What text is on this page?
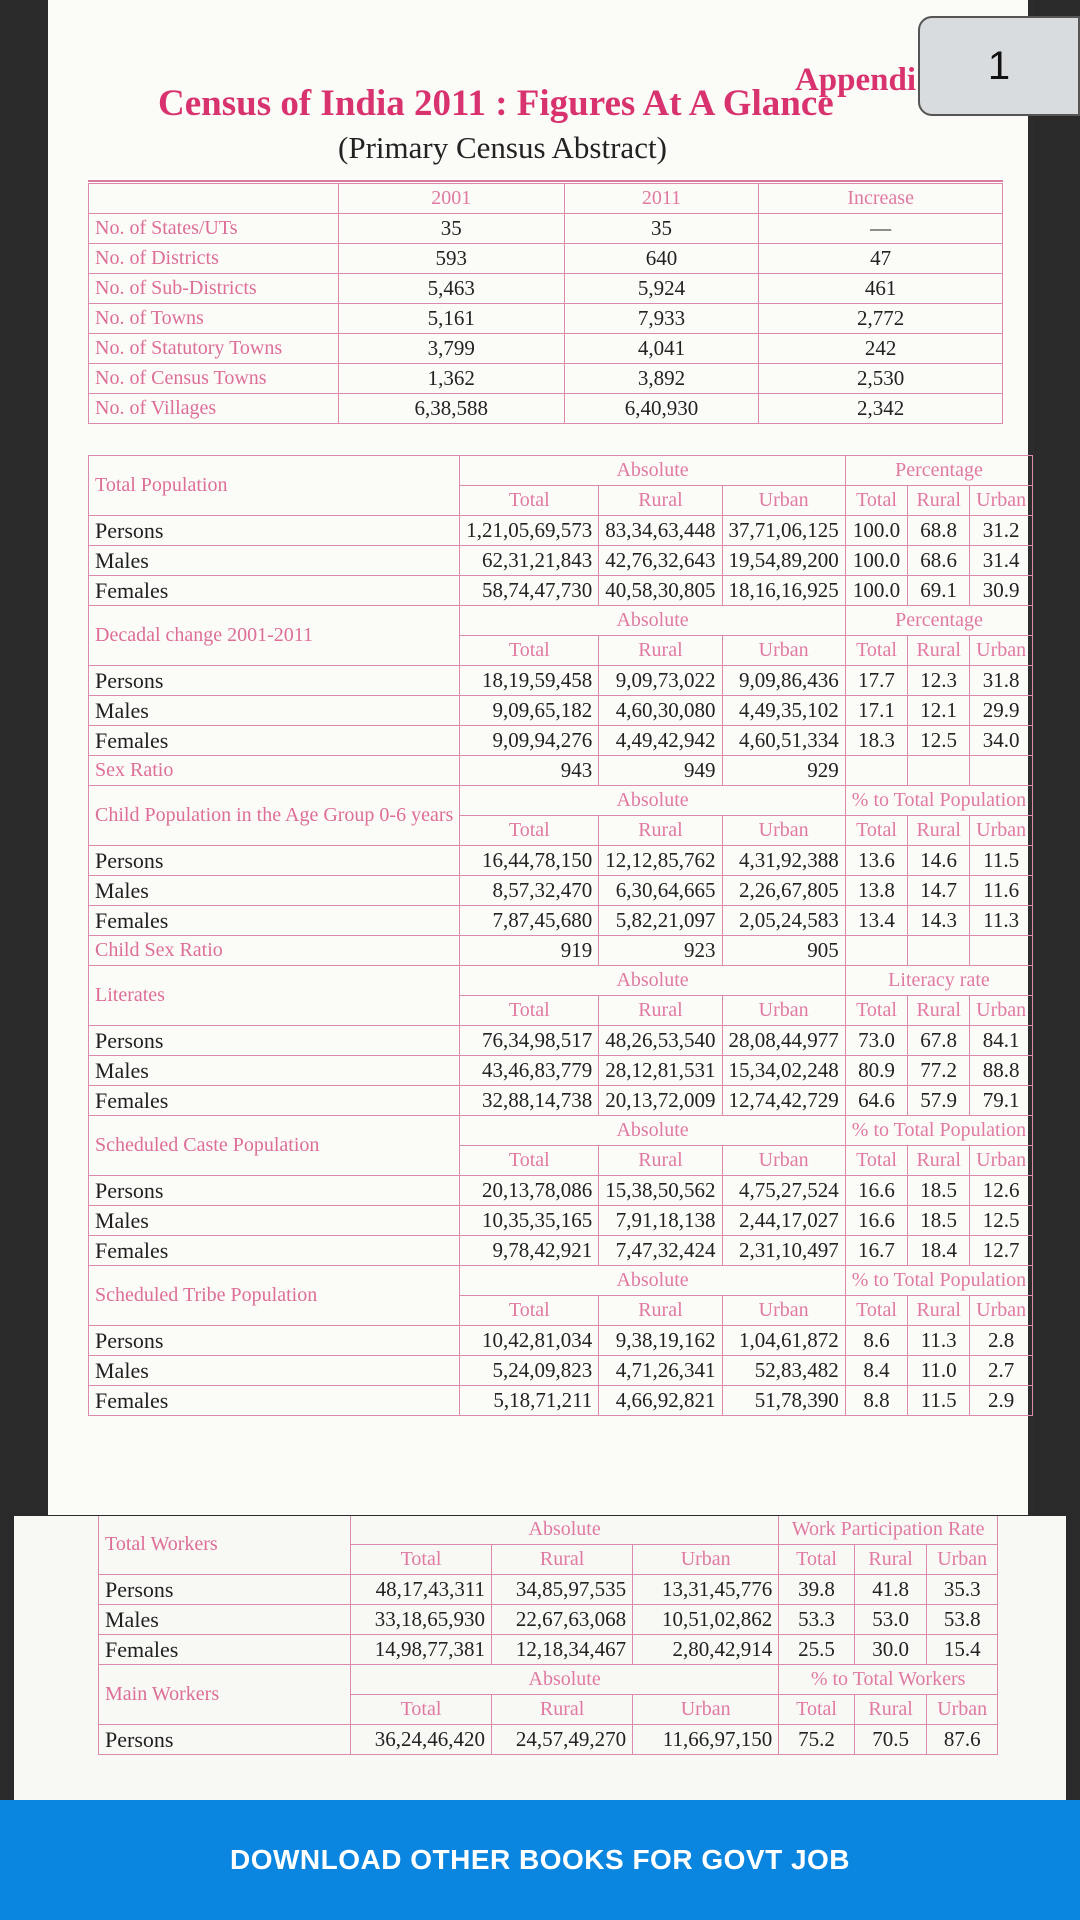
Appendi
Census of India 2011 : Figures At A Glance
(Primary Census Abstract)
	2001	2011	Increase
No. of States/UTs	35	35	—
No. of Districts	593	640	47
No. of Sub-Districts	5,463	5,924	461
No. of Towns	5,161	7,933	2,772
No. of Statutory Towns	3,799	4,041	242
No. of Census Towns	1,362	3,892	2,530
No. of Villages	6,38,588	6,40,930	2,342
Total Population	Absolute			Percentage		
	Total	Rural	Urban	Total	Rural	Urban
Persons	1,21,05,69,573	83,34,63,448	37,71,06,125	100.0	68.8	31.2
Males	62,31,21,843	42,76,32,643	19,54,89,200	100.0	68.6	31.4
Females	58,74,47,730	40,58,30,805	18,16,16,925	100.0	69.1	30.9
Decadal change 2001-2011	Absolute			Percentage		
	Total	Rural	Urban	Total	Rural	Urban
Persons	18,19,59,458	9,09,73,022	9,09,86,436	17.7	12.3	31.8
Males	9,09,65,182	4,60,30,080	4,49,35,102	17.1	12.1	29.9
Females	9,09,94,276	4,49,42,942	4,60,51,334	18.3	12.5	34.0
Sex Ratio	943	949	929			
Child Population in the Age Group 0-6 years	Absolute			% to Total Population		
	Total	Rural	Urban	Total	Rural	Urban
Persons	16,44,78,150	12,12,85,762	4,31,92,388	13.6	14.6	11.5
Males	8,57,32,470	6,30,64,665	2,26,67,805	13.8	14.7	11.6
Females	7,87,45,680	5,82,21,097	2,05,24,583	13.4	14.3	11.3
Child Sex Ratio	919	923	905			
Literates	Absolute			Literacy rate		
	Total	Rural	Urban	Total	Rural	Urban
Persons	76,34,98,517	48,26,53,540	28,08,44,977	73.0	67.8	84.1
Males	43,46,83,779	28,12,81,531	15,34,02,248	80.9	77.2	88.8
Females	32,88,14,738	20,13,72,009	12,74,42,729	64.6	57.9	79.1
Scheduled Caste Population	Absolute			% to Total Population		
	Total	Rural	Urban	Total	Rural	Urban
Persons	20,13,78,086	15,38,50,562	4,75,27,524	16.6	18.5	12.6
Males	10,35,35,165	7,91,18,138	2,44,17,027	16.6	18.5	12.5
Females	9,78,42,921	7,47,32,424	2,31,10,497	16.7	18.4	12.7
Scheduled Tribe Population	Absolute			% to Total Population		
	Total	Rural	Urban	Total	Rural	Urban
Persons	10,42,81,034	9,38,19,162	1,04,61,872	8.6	11.3	2.8
Males	5,24,09,823	4,71,26,341	52,83,482	8.4	11.0	2.7
Females	5,18,71,211	4,66,92,821	51,78,390	8.8	11.5	2.9
Total Workers	Absolute			Work Participation Rate		
	Total	Rural	Urban	Total	Rural	Urban
Persons	48,17,43,311	34,85,97,535	13,31,45,776	39.8	41.8	35.3
Males	33,18,65,930	22,67,63,068	10,51,02,862	53.3	53.0	53.8
Females	14,98,77,381	12,18,34,467	2,80,42,914	25.5	30.0	15.4
Main Workers	Absolute			% to Total Workers		
	Total	Rural	Urban	Total	Rural	Urban
Persons	36,24,46,420	24,57,49,270	11,66,97,150	75.2	70.5	87.6
1
DOWNLOAD OTHER BOOKS FOR GOVT JOB
